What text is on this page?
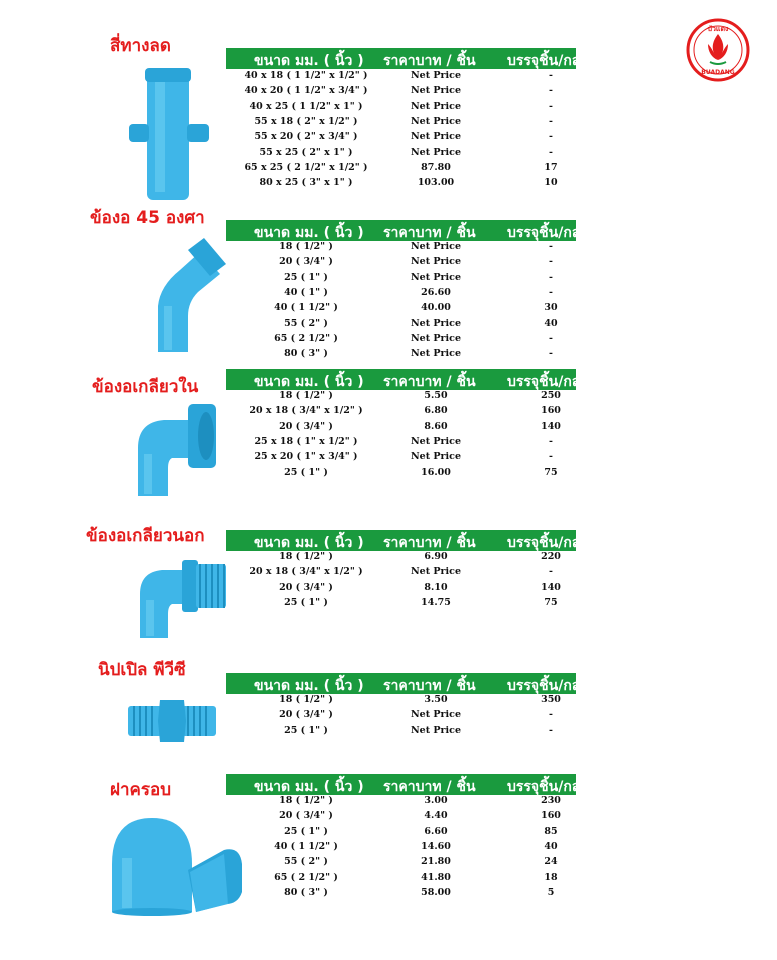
บัวแดง
BUADANG
สี่ทางลด
ขนาด มม. ( นิ้ว ) ราคาบาท / ชิ้น บรรจุชิ้น/กล่อง
40 x 18 ( 1 1/2" x 1/2" )	Net Price	-
40 x 20 ( 1 1/2" x 3/4" )	Net Price	-
40 x 25 ( 1 1/2" x 1" )	Net Price	-
55 x 18 ( 2" x 1/2" )	Net Price	-
55 x 20 ( 2" x 3/4" )	Net Price	-
55 x 25 ( 2" x 1" )	Net Price	-
65 x 25 ( 2 1/2" x 1/2" )	87.80	17
80 x 25 ( 3" x 1" )	103.00	10
ข้องอ 45 องศา
ขนาด มม. ( นิ้ว ) ราคาบาท / ชิ้น บรรจุชิ้น/กล่อง
18 ( 1/2" )	Net Price	-
20 ( 3/4" )	Net Price	-
25 ( 1" )	Net Price	-
40 ( 1" )	26.60	-
40 ( 1 1/2" )	40.00	30
55 ( 2" )	Net Price	40
65 ( 2 1/2" )	Net Price	-
80 ( 3" )	Net Price	-
ข้องอเกลียวใน	ขนาด มม. ( นิ้ว ) ราคาบาท / ชิ้น บรรจุชิ้น/กล่อง
18 ( 1/2" )	5.50	250
20 x 18 ( 3/4" x 1/2" )	6.80	160
20 ( 3/4" )	8.60	140
25 x 18 ( 1" x 1/2" )	Net Price	-
25 x 20 ( 1" x 3/4" )	Net Price	-
25 ( 1" )	16.00	75
ข้องอเกลียวนอก	ขนาด มม. ( นิ้ว ) ราคาบาท / ชิ้น บรรจุชิ้น/กล่อง
18 ( 1/2" )	6.90	220
20 x 18 ( 3/4" x 1/2" )	Net Price	-
20 ( 3/4" )	8.10	140
25 ( 1" )	14.75	75
นิปเปิล พีวีซี
ขนาด มม. ( นิ้ว ) ราคาบาท / ชิ้น บรรจุชิ้น/กล่อง
18 ( 1/2" )	3.50	350
20 ( 3/4" )	Net Price	-
25 ( 1" )	Net Price	-
ฝาครอบ	ขนาด มม. ( นิ้ว ) ราคาบาท / ชิ้น บรรจุชิ้น/กล่อง
18 ( 1/2" )	3.00	230
20 ( 3/4" )	4.40	160
25 ( 1" )	6.60	85
40 ( 1 1/2" )	14.60	40
55 ( 2" )	21.80	24
65 ( 2 1/2" )	41.80	18
80 ( 3" )	58.00	5
